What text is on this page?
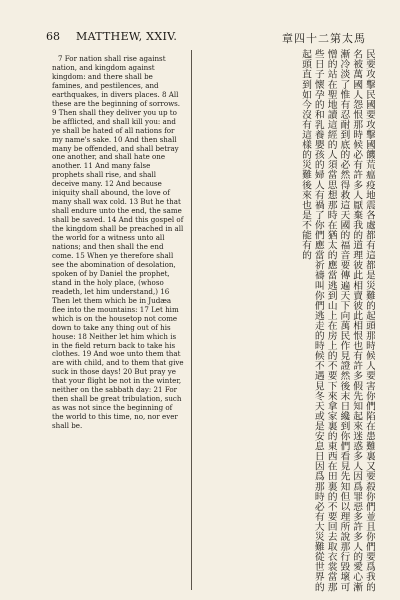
68 MATTHEW, XXIV.	章四十二第太馬

7 For nation shall rise against nation, and kingdom against kingdom: and there shall be famines, and pestilences, and earthquakes, in divers places. 8 All these are the beginning of sorrows. 9 Then shall they deliver you up to be afflicted, and shall kill you: and ye shall be hated of all nations for my name's sake. 10 And then shall many be offended, and shall betray one another, and shall hate one another. 11 And many false prophets shall rise, and shall deceive many. 12 And because iniquity shall abound, the love of many shall wax cold. 13 But he that shall endure unto the end, the same shall be saved. 14 And this gospel of the kingdom shall be preached in all the world for a witness unto all nations; and then shall the end come. 15 When ye therefore shall see the abomination of desolation, spoken of by Daniel the prophet, stand in the holy place, (whoso readeth, let him understand,) 16 Then let them which be in Judæa flee into the mountains: 17 Let him which is on the housetop not come down to take any thing out of his house: 18 Neither let him which is in the field return back to take his clothes. 19 And woe unto them that are with child, and to them that give suck in those days! 20 But pray ye that your flight be not in the winter, neither on the sabbath day: 21 For then shall be great tribulation, such as was not since the beginning of the world to this time, no, nor ever shall be.	民要攻擊民國要攻擊國饑荒瘟疫地震各處都有這都是災難的起頭那時候人要害你們陷在患難裏又要殺你們並且你們要爲我的名被萬國人怨恨那時候必有許多人厭棄我的道理彼此相賣彼此相恨也有許多假先知起來迷惑多人因爲罪惡多許多人的愛心漸漸冷淡了惟有忍耐到底的必然得救這天國的福音要傳遍天下向萬民作見證然後末日纔到你們看見先知但以理所說那行毀壞可憎的站在聖地讀這經的人須當思想那時在猶太的應當逃到山上在房上的不要下來拿家裏的東西在田裏的不要回去取衣裳當那些日子懷孕的和乳養嬰孩的婦人有禍了你們應當祈禱叫你們逃走的時候不遇見冬天或是安息日因爲那時必有大災難從世界的起頭直到如今沒有這樣的災難後來也是不能有的
